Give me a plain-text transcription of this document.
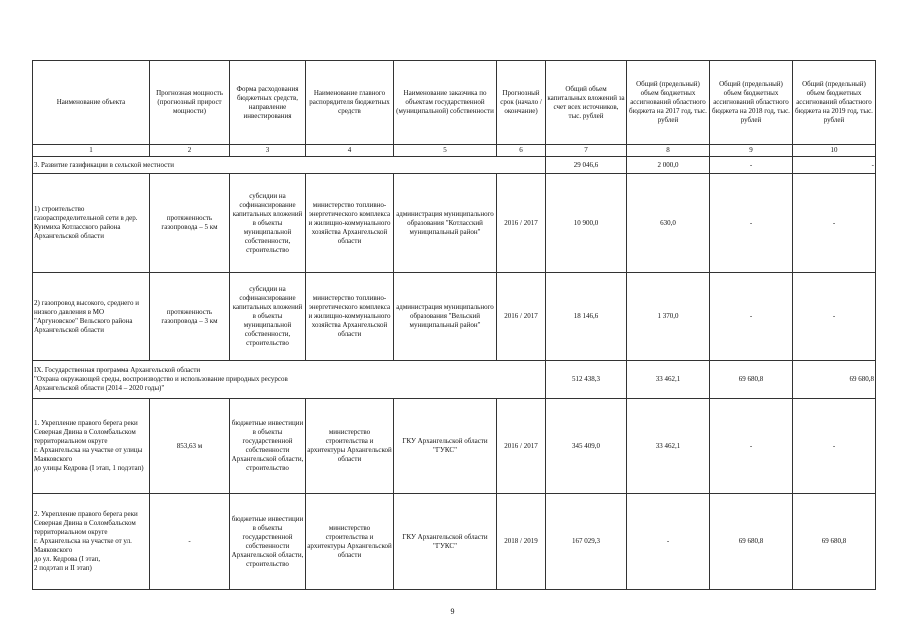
Наименование объекта	Прогнозная мощность (прогнозный прирост мощности)	Форма расходования бюджетных средств, направление инвестирования	Наименование главного распорядителя бюджетных средств	Наименование заказчика по объектам государственной (муниципальной) собственности	Прогнозный срок (начало / окончание)	Общий объем капитальных вложений за счет всех источников, тыс. рублей	Общий (предельный) объем бюджетных ассигнований областного бюджета на 2017 год, тыс. рублей	Общий (предельный) объем бюджетных ассигнований областного бюджета на 2018 год, тыс. рублей	Общий (предельный) объем бюджетных ассигнований областного бюджета на 2019 год, тыс. рублей
1	2	3	4	5	6	7	8	9	10
3. Развитие газификации в сельской местности						29 046,6	2 000,0	-	-
1) строительство газораспределительной сети в дер. Куимиха Котласского района Архангельской области	протяженность газопровода – 5 км	субсидии на софинансирование капитальных вложений в объекты муниципальной собственности, строительство	министерство топливно-энергетического комплекса и жилищно-коммунального хозяйства Архангельской области	администрация муниципального образования "Котласский муниципальный район"	2016 / 2017	10 900,0	630,0	-	-
2) газопровод высокого, среднего и низкого давления в МО "Аргуновское" Вельского района Архангельской области	протяженность газопровода – 3 км	субсидии на софинансирование капитальных вложений в объекты муниципальной собственности, строительство	министерство топливно-энергетического комплекса и жилищно-коммунального хозяйства Архангельской области	администрация муниципального образования "Вельский муниципальный район"	2016 / 2017	18 146,6	1 370,0	-	-
IX. Государственная программа Архангельской области
"Охрана окружающей среды, воспроизводство и использование природных ресурсов
Архангельской области (2014 – 2020 годы)"						512 438,3	33 462,1	69 680,8	69 680,8
1. Укрепление правого берега реки Северная Двина в Соломбальском территориальном округе
г. Архангельска на участке от улицы Маяковского
до улицы Кедрова (I этап, 1 подэтап)	853,63 м	бюджетные инвестиции в объекты государственной собственности Архангельской области, строительство	министерство строительства и архитектуры Архангельской области	ГКУ Архангельской области "ГУКС"	2016 / 2017	345 409,0	33 462,1	-	-
2. Укрепление правого берега реки Северная Двина в Соломбальском территориальном округе
г. Архангельска на участке от ул. Маяковского
до ул. Кедрова (I этап,
2 подэтап и II этап)	-	бюджетные инвестиции в объекты государственной собственности Архангельской области, строительство	министерство строительства и архитектуры Архангельской области	ГКУ Архангельской области "ГУКС"	2018 / 2019	167 029,3	-	69 680,8	69 680,8
9
